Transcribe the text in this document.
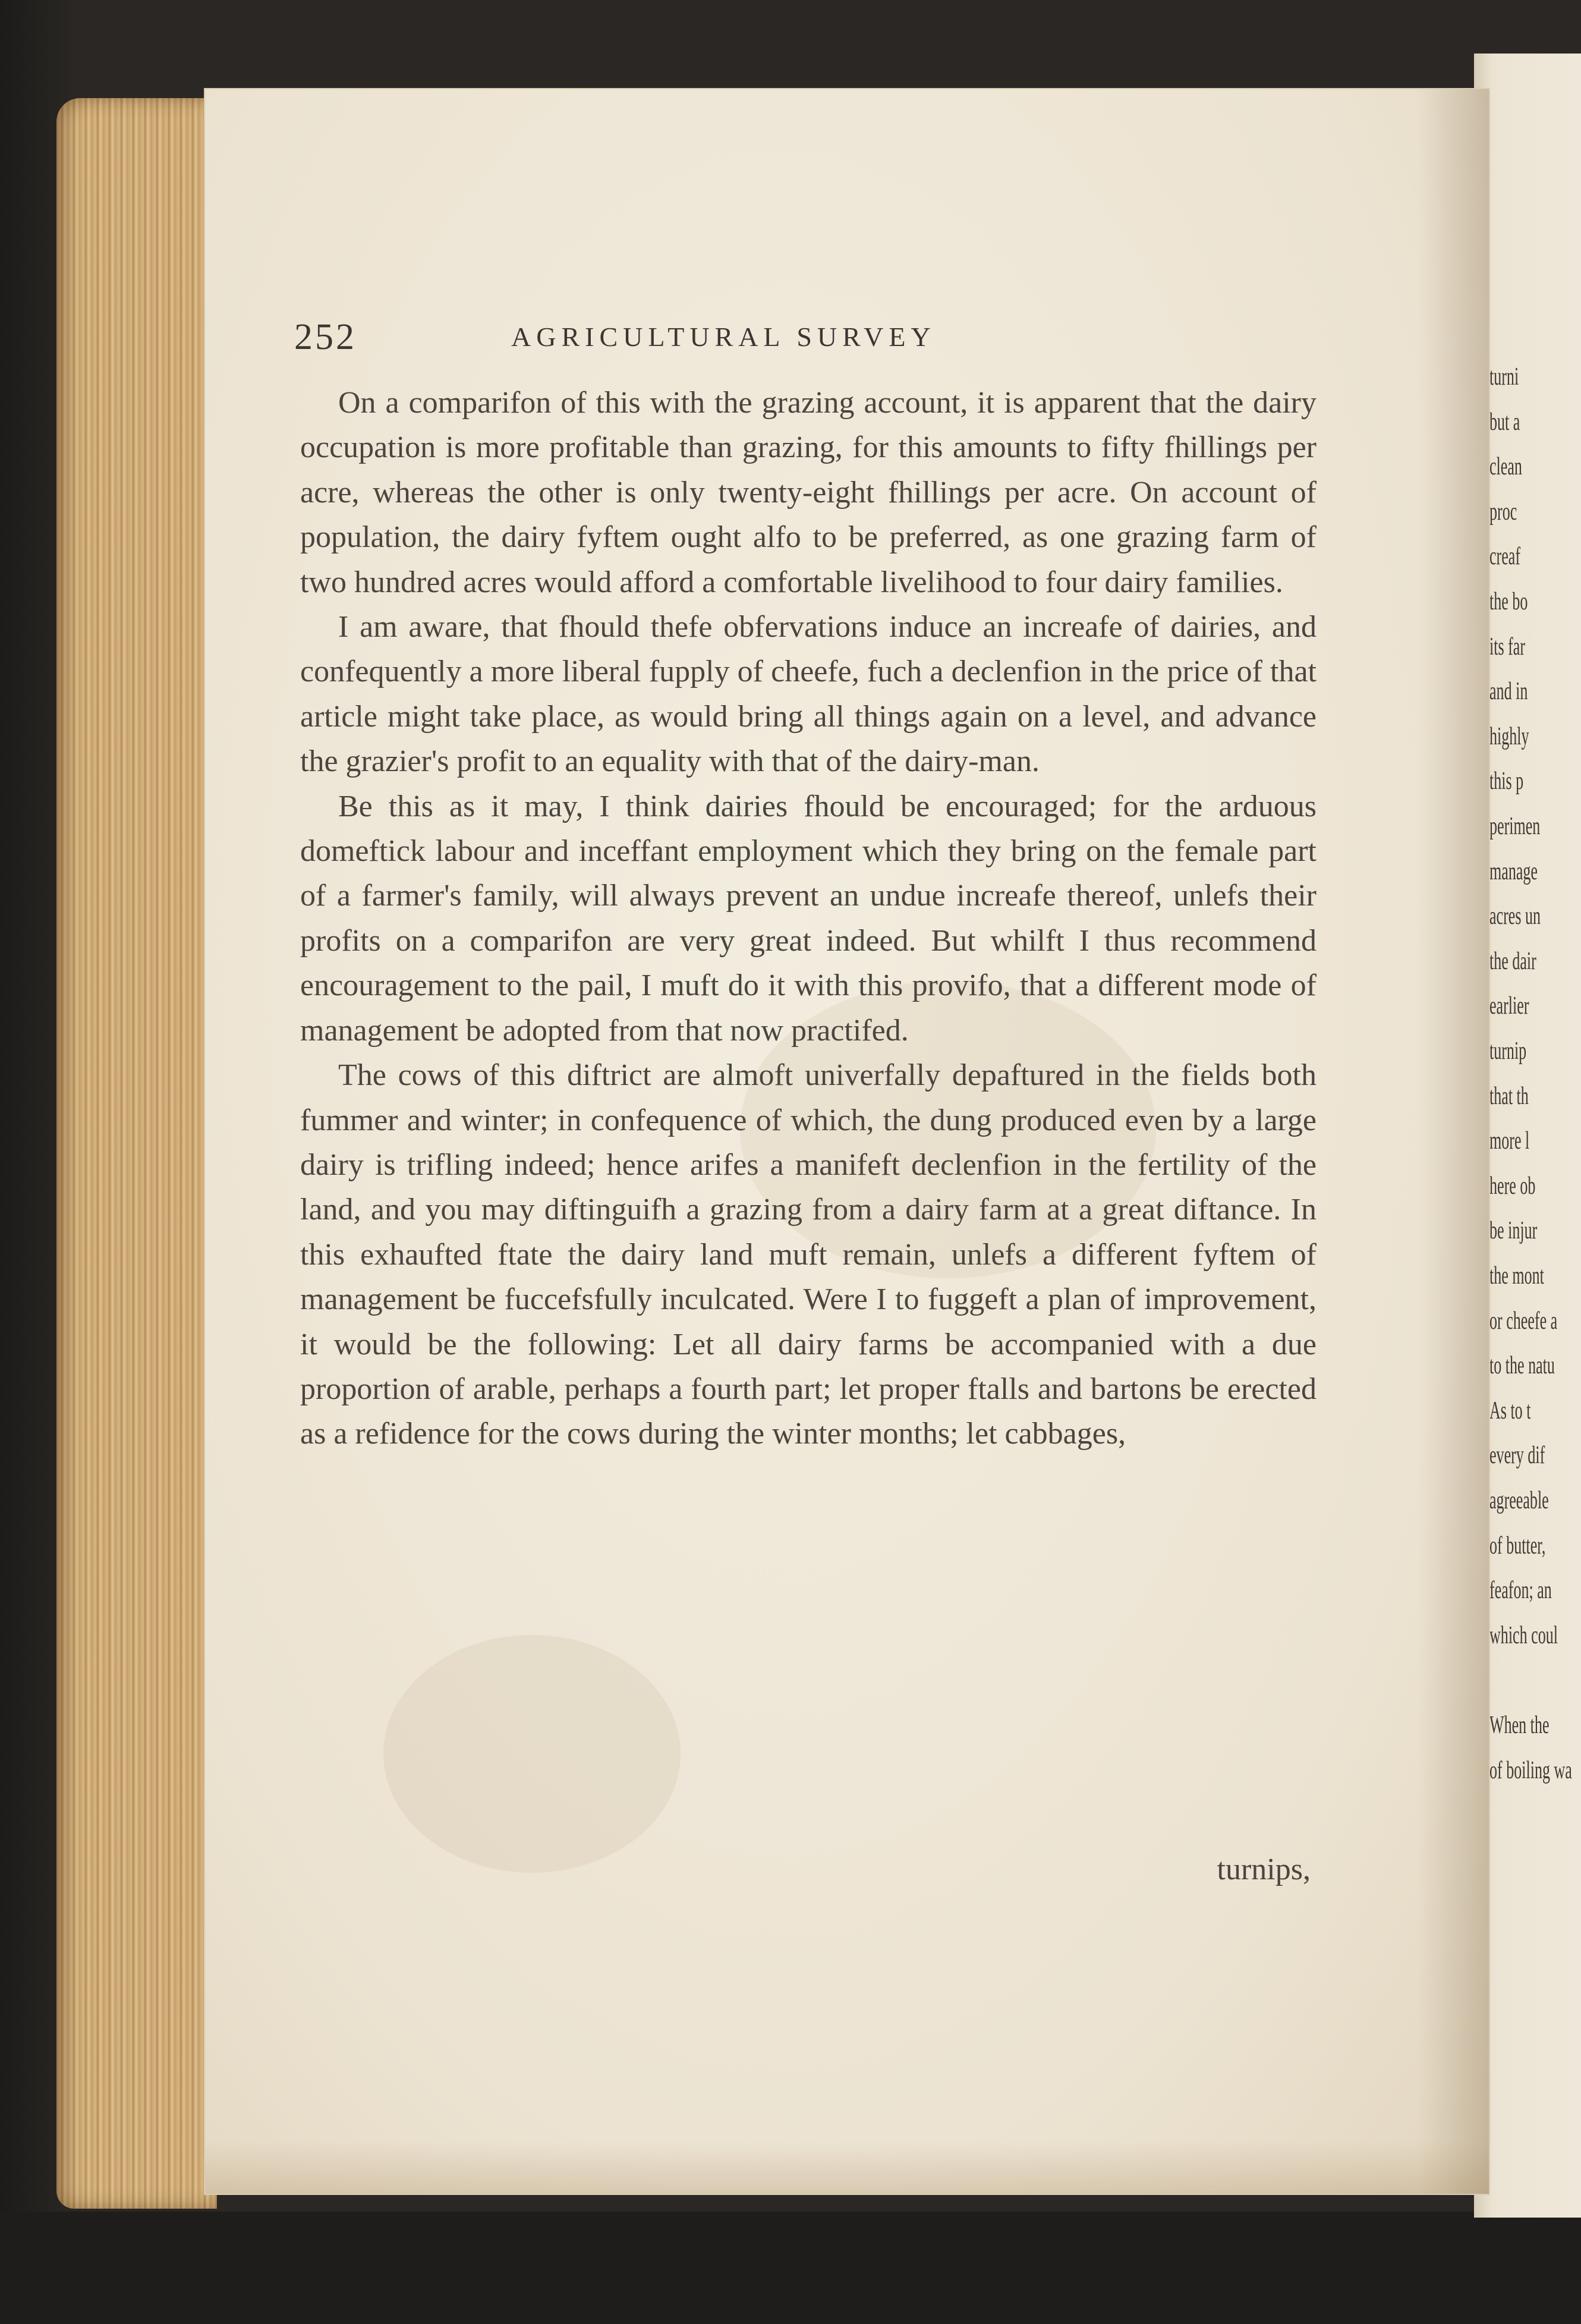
turni
but a
clean
proc
creaf
the bo
its far
and in
highly
this p
perimen
manage
acres un
the dair
earlier
turnip
that th
more l
here ob
be injur
the mont
or cheefe a
to the natu
As to t
every dif
agreeable
of butter,
feafon; an
which coul
When the
of boiling wa
252	AGRICULTURAL SURVEY

On a comparifon of this with the grazing account, it is apparent that the dairy occupation is more profitable than grazing, for this amounts to fifty fhillings per acre, whereas the other is only twenty-eight fhillings per acre. On account of population, the dairy fyftem ought alfo to be preferred, as one grazing farm of two hundred acres would afford a comfortable livelihood to four dairy families.

I am aware, that fhould thefe obfervations induce an increafe of dairies, and confequently a more liberal fupply of cheefe, fuch a declenfion in the price of that article might take place, as would bring all things again on a level, and advance the grazier's profit to an equality with that of the dairy-man.

Be this as it may, I think dairies fhould be encouraged; for the arduous domeftick labour and inceffant employment which they bring on the female part of a farmer's family, will always prevent an undue increafe thereof, unlefs their profits on a comparifon are very great indeed. But whilft I thus recommend encouragement to the pail, I muft do it with this provifo, that a different mode of management be adopted from that now practifed.

The cows of this diftrict are almoft univerfally depaftured in the fields both fummer and winter; in confequence of which, the dung produced even by a large dairy is trifling indeed; hence arifes a manifeft declenfion in the fertility of the land, and you may diftinguifh a grazing from a dairy farm at a great diftance. In this exhaufted ftate the dairy land muft remain, unlefs a different fyftem of management be fuccefsfully inculcated. Were I to fuggeft a plan of improvement, it would be the following: Let all dairy farms be accompanied with a due proportion of arable, perhaps a fourth part; let proper ftalls and bartons be erected as a refidence for the cows during the winter months; let cabbages,

turnips,
